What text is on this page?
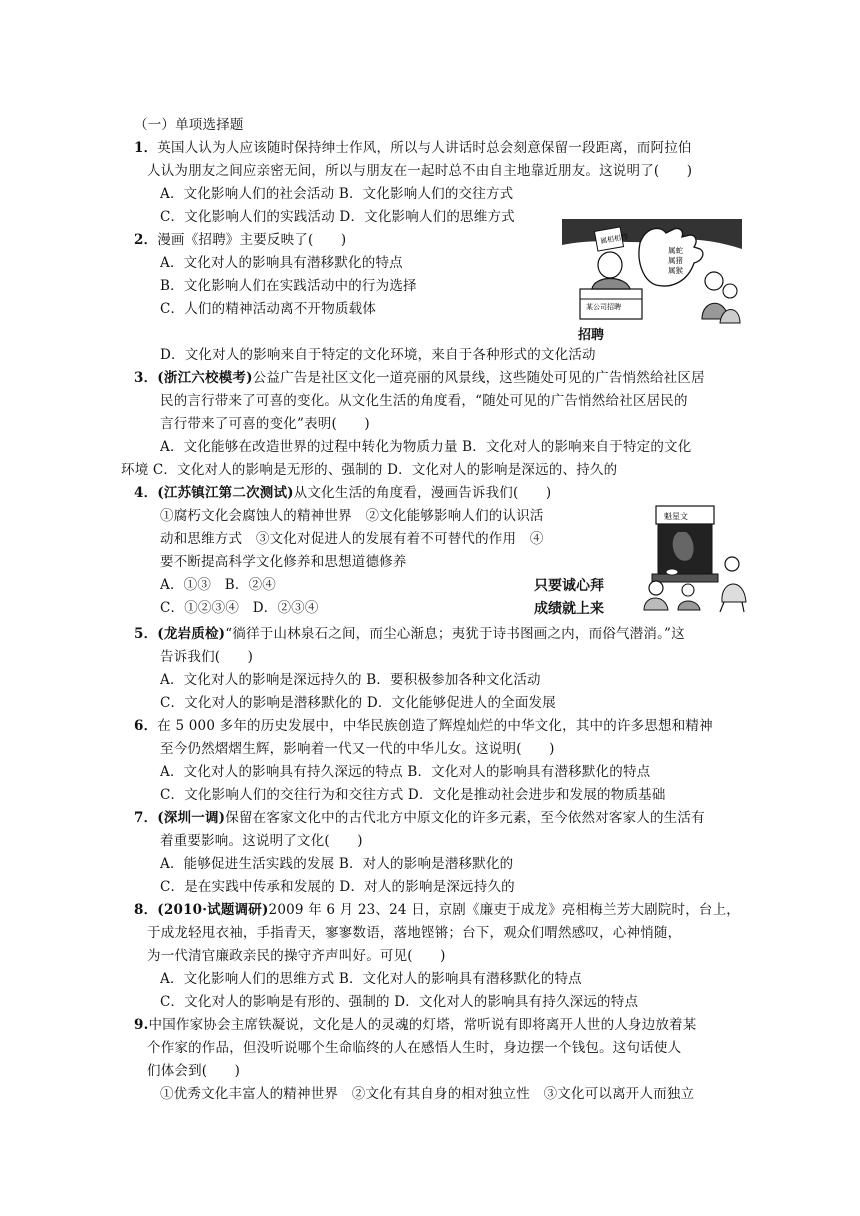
（一）单项选择题
1．英国人认为人应该随时保持绅士作风，所以与人讲话时总会刻意保留一段距离，而阿拉伯
人认为朋友之间应亲密无间，所以与朋友在一起时总不由自主地靠近朋友。这说明了(　　)
A．文化影响人们的社会活动 B．文化影响人们的交往方式
C．文化影响人们的实践活动 D．文化影响人们的思维方式
2．漫画《招聘》主要反映了(　　)
A．文化对人的影响具有潜移默化的特点
B．文化影响人们在实践活动中的行为选择
C．人们的精神活动离不开物质载体
D．文化对人的影响来自于特定的文化环境，来自于各种形式的文化活动
属相相符
某公司招聘
属蛇
属猪
属猴
招聘
3．(浙江六校模考)公益广告是社区文化一道亮丽的风景线，这些随处可见的广告悄然给社区居
民的言行带来了可喜的变化。从文化生活的角度看，“随处可见的广告悄然给社区居民的
言行带来了可喜的变化”表明(　　)
A．文化能够在改造世界的过程中转化为物质力量 B．文化对人的影响来自于特定的文化
环境 C．文化对人的影响是无形的、强制的 D．文化对人的影响是深远的、持久的
4．(江苏镇江第二次测试)从文化生活的角度看，漫画告诉我们(　　)
①腐朽文化会腐蚀人的精神世界　②文化能够影响人们的认识活
动和思维方式　③文化对促进人的发展有着不可替代的作用　④
要不断提高科学文化修养和思想道德修养
A．①③　B．②④
C．①②③④　D．②③④
魁星文
只要诚心拜
成绩就上来
5．(龙岩质检)“徜徉于山林泉石之间，而尘心渐息；夷犹于诗书图画之内，而俗气潜消。”这
告诉我们(　　)
A．文化对人的影响是深远持久的 B．要积极参加各种文化活动
C．文化对人的影响是潜移默化的 D．文化能够促进人的全面发展
6．在 5 000 多年的历史发展中，中华民族创造了辉煌灿烂的中华文化，其中的许多思想和精神
至今仍然熠熠生辉，影响着一代又一代的中华儿女。这说明(　　)
A．文化对人的影响具有持久深远的特点 B．文化对人的影响具有潜移默化的特点
C．文化影响人们的交往行为和交往方式 D．文化是推动社会进步和发展的物质基础
7．(深圳一调)保留在客家文化中的古代北方中原文化的许多元素，至今依然对客家人的生活有
着重要影响。这说明了文化(　　)
A．能够促进生活实践的发展 B．对人的影响是潜移默化的
C．是在实践中传承和发展的 D．对人的影响是深远持久的
8．(2010·试题调研)2009 年 6 月 23、24 日，京剧《廉吏于成龙》亮相梅兰芳大剧院时，台上，
于成龙轻甩衣袖，手指青天，寥寥数语，落地铿锵；台下，观众们喟然感叹，心神悄随，
为一代清官廉政亲民的操守齐声叫好。可见(　　)
A．文化影响人们的思维方式 B．文化对人的影响具有潜移默化的特点
C．文化对人的影响是有形的、强制的 D．文化对人的影响具有持久深远的特点
9.中国作家协会主席铁凝说，文化是人的灵魂的灯塔，常听说有即将离开人世的人身边放着某
个作家的作品，但没听说哪个生命临终的人在感悟人生时，身边摆一个钱包。这句话使人
们体会到(　　)
①优秀文化丰富人的精神世界　②文化有其自身的相对独立性　③文化可以离开人而独立
